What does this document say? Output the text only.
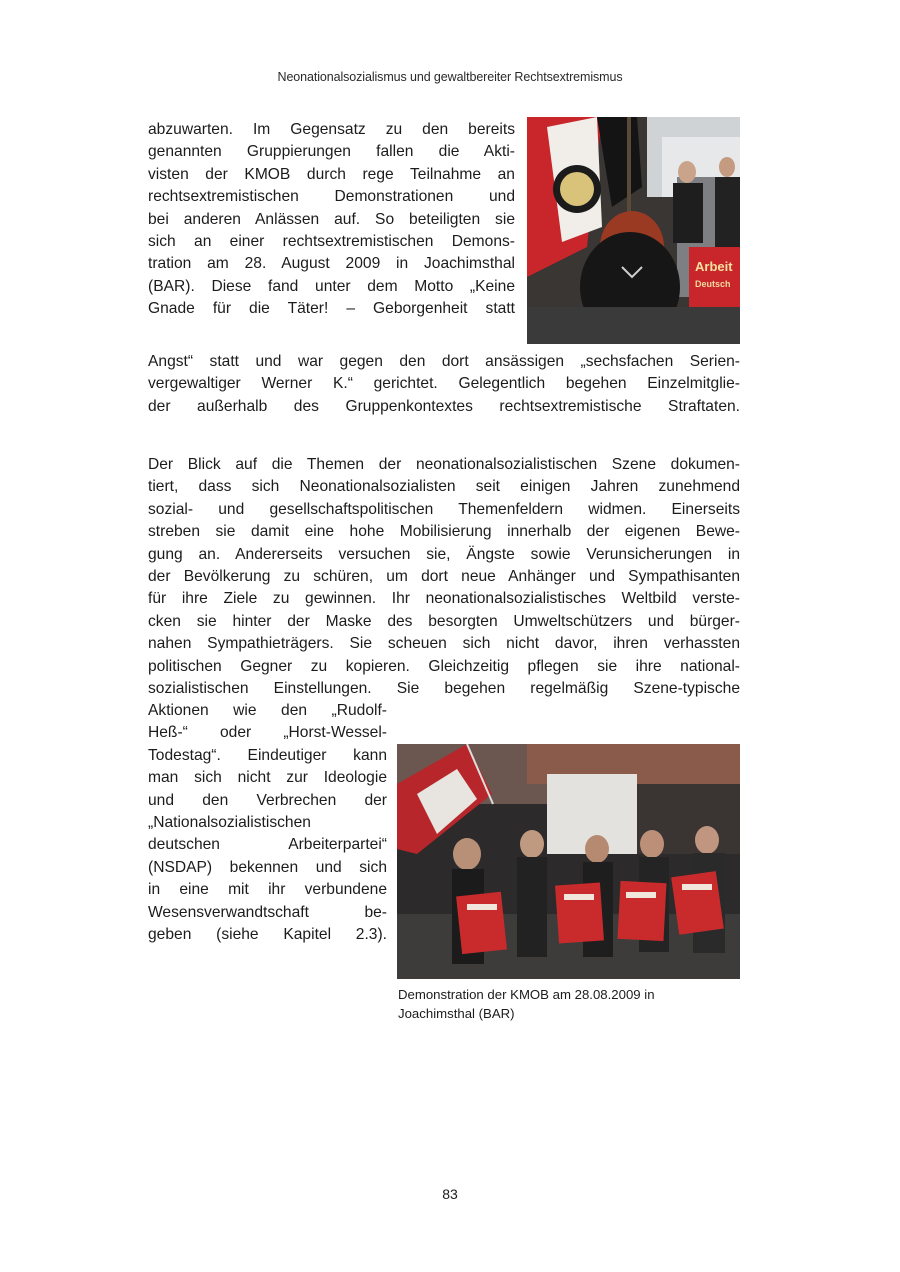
Neonationalsozialismus und gewaltbereiter Rechtsextremismus
Arbeit
Deutsch
abzuwarten. Im Gegensatz zu den bereits
genannten Gruppierungen fallen die Akti-
visten der KMOB durch rege Teilnahme an
rechtsextremistischen Demonstrationen und
bei anderen Anlässen auf. So beteiligten sie
sich an einer rechtsextremistischen Demons-
tration am 28. August 2009 in Joachimsthal
(BAR). Diese fand unter dem Motto „Keine
Gnade für die Täter! – Geborgenheit statt
Angst“ statt und war gegen den dort ansässigen „sechsfachen Serien-
vergewaltiger Werner K.“ gerichtet. Gelegentlich begehen Einzelmitglie-
der außerhalb des Gruppenkontextes rechtsextremistische Straftaten.
Der Blick auf die Themen der neonationalsozialistischen Szene dokumen-
tiert, dass sich Neonationalsozialisten seit einigen Jahren zunehmend
sozial- und gesellschaftspolitischen Themenfeldern widmen. Einerseits
streben sie damit eine hohe Mobilisierung innerhalb der eigenen Bewe-
gung an. Andererseits versuchen sie, Ängste sowie Verunsicherungen in
der Bevölkerung zu schüren, um dort neue Anhänger und Sympathisanten
für ihre Ziele zu gewinnen. Ihr neonationalsozialistisches Weltbild verste-
cken sie hinter der Maske des besorgten Umweltschützers und bürger-
nahen Sympathieträgers. Sie scheuen sich nicht davor, ihren verhassten
politischen Gegner zu kopieren. Gleichzeitig pflegen sie ihre national-
sozialistischen Einstellungen. Sie begehen regelmäßig Szene-typische
Aktionen wie den „Rudolf-
Heß-“ oder „Horst-Wessel-
Todestag“. Eindeutiger kann
man sich nicht zur Ideologie
und den Verbrechen der
„Nationalsozialistischen
deutschen Arbeiterpartei“
(NSDAP) bekennen und sich
in eine mit ihr verbundene
Wesensverwandtschaft be-
geben (siehe Kapitel 2.3).
Demonstration der KMOB am 28.08.2009 in
Joachimsthal (BAR)
83
